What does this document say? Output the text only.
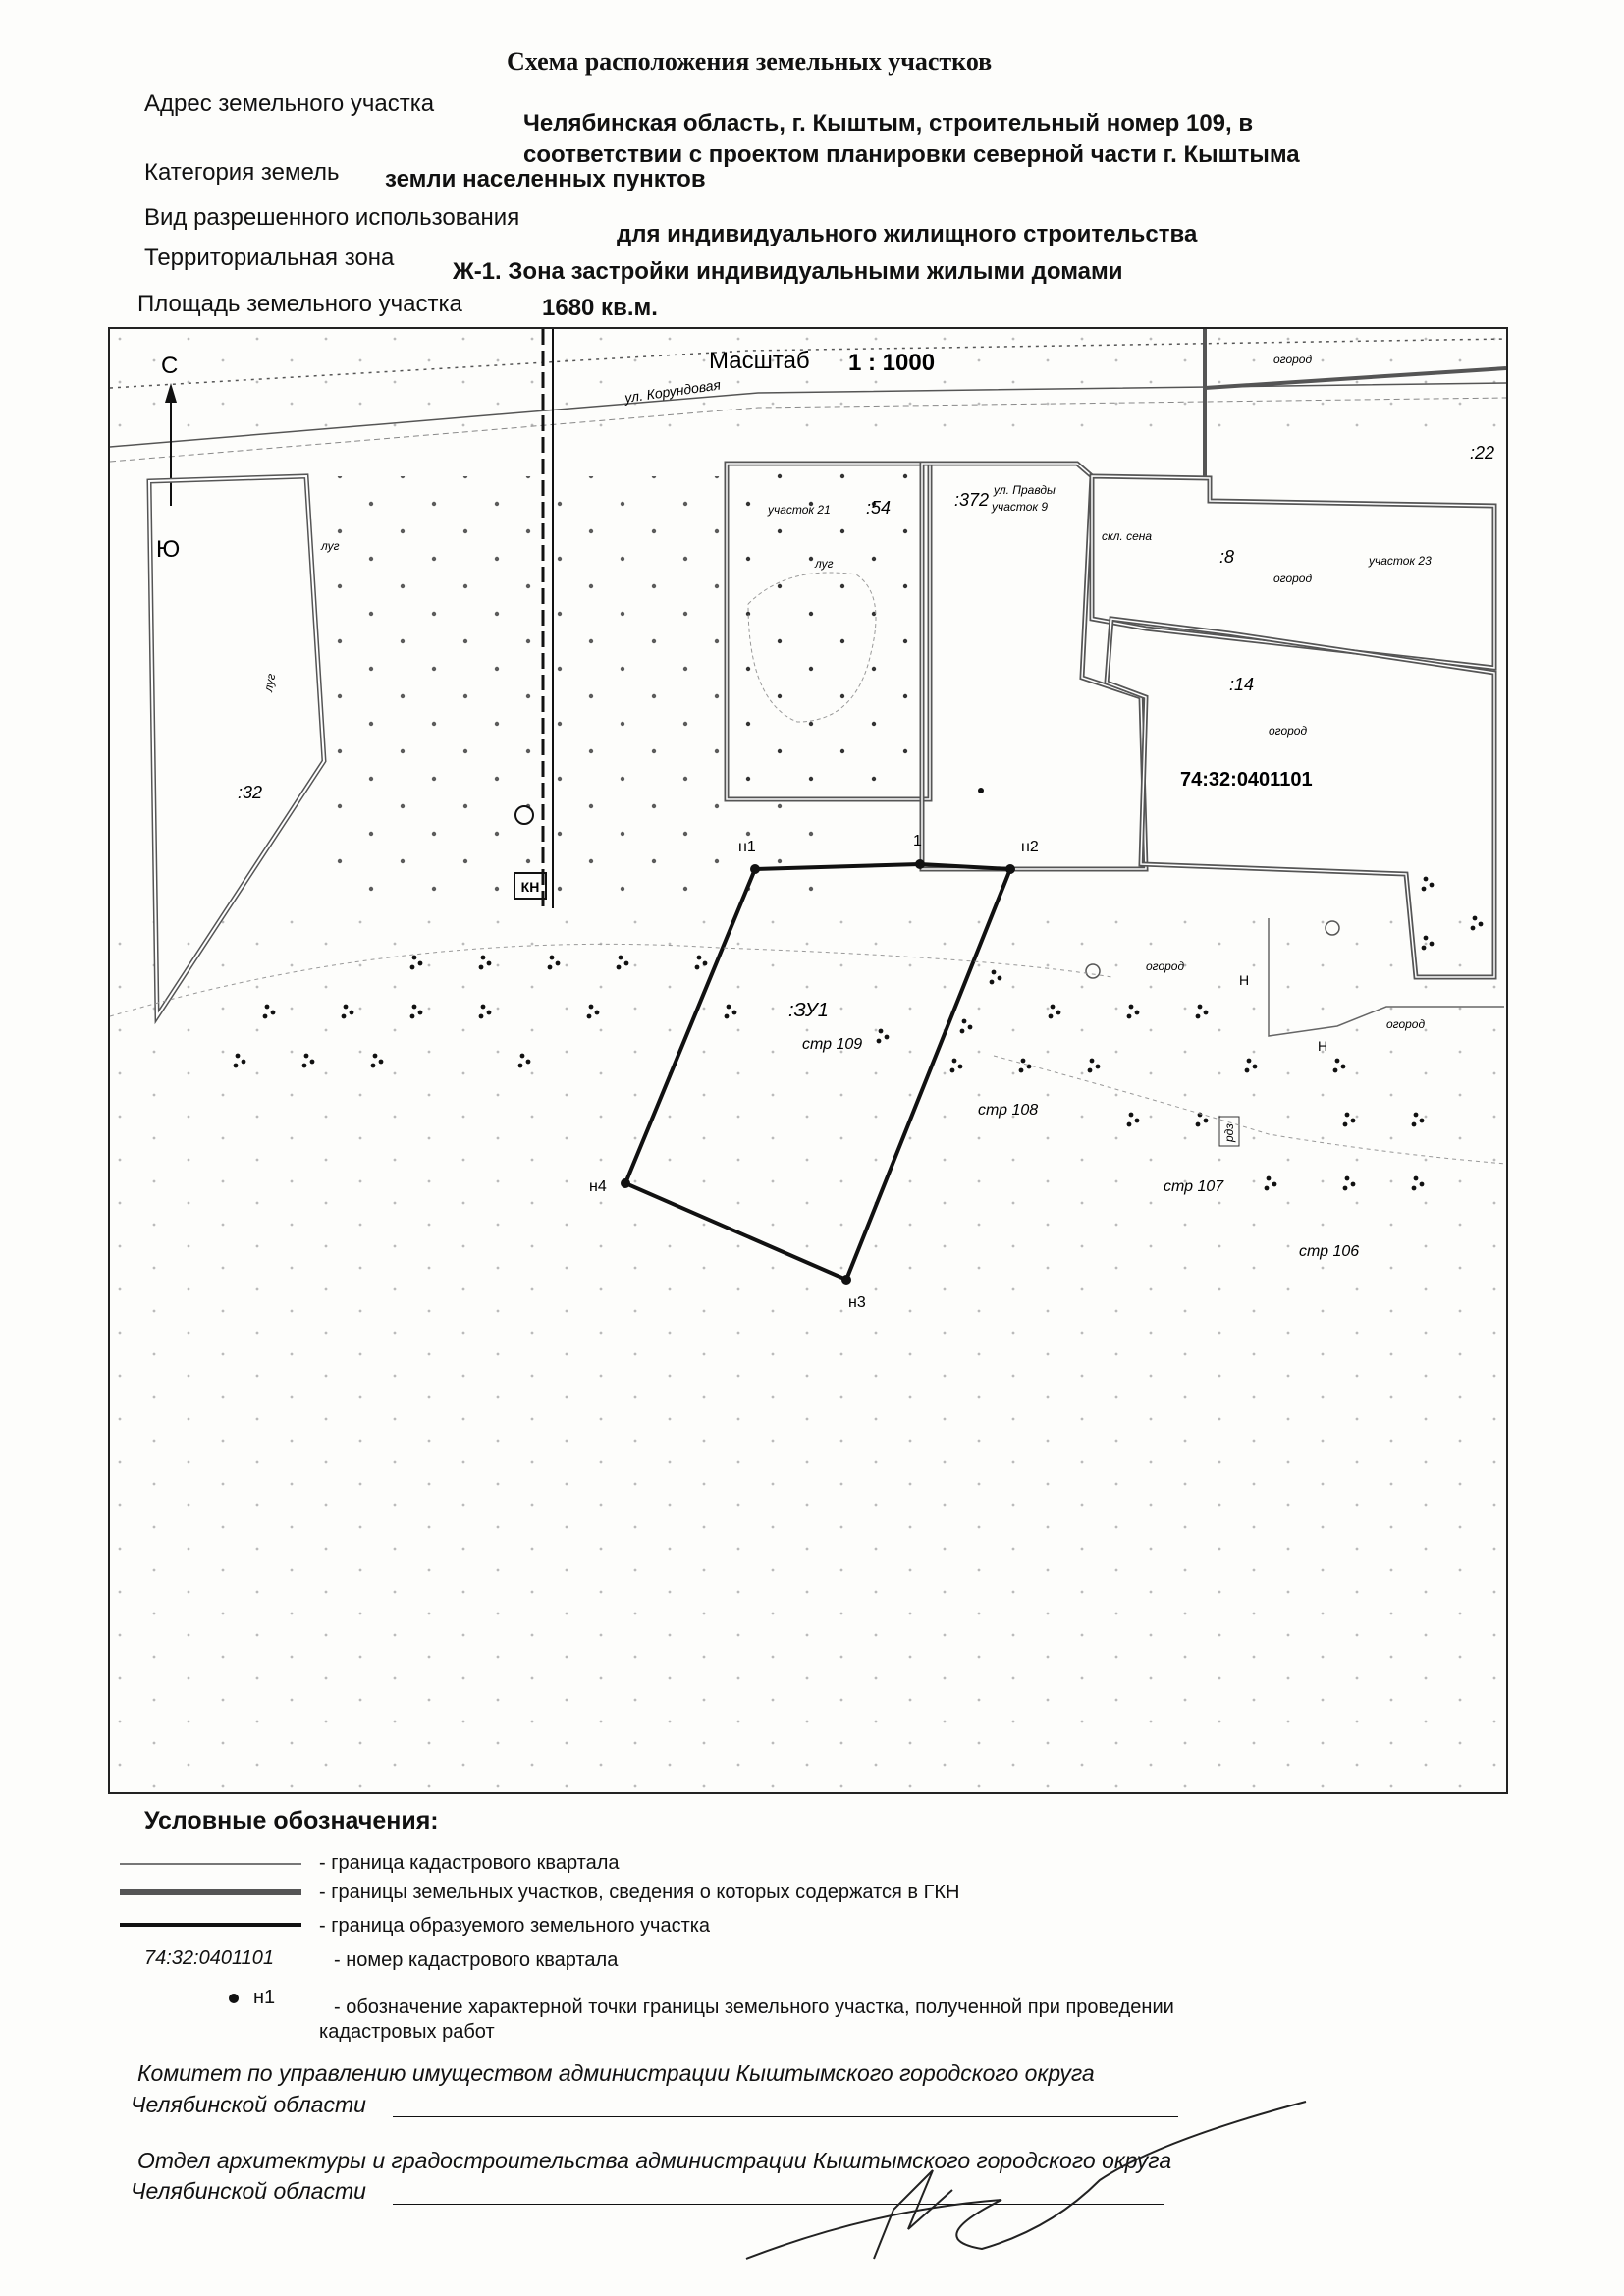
Схема расположения земельных участков
Адрес земельного участка
Челябинская область, г. Кыштым, строительный номер 109, в
соответствии с проектом планировки северной части г. Кыштыма
Категория земель земли населенных пунктов
Вид разрешенного использования
для индивидуального жилищного строительства
Территориальная зона
Ж-1. Зона застройки индивидуальными жилыми домами
Площадь земельного участка	1680 кв.м.
КН
Масштаб 1 : 1000
С
Ю
:32
луг
луг
участок 21 :54
луг
:372 ул. Правды
участок 9
:22
скл. сена
:8
огород
участок 23
:14
огород
74:32:0401101
огород
ул. Корундовая
н1	1	н2
н3
н4
:ЗУ1
стр 109
стр 108
стр 107
стр 106
огород
огород
Н
Н
рдз
Условные обозначения:
- граница кадастрового квартала
- границы земельных участков, сведения о которых содержатся в ГКН
- граница образуемого земельного участка
74:32:0401101	- номер кадастрового квартала
н1	- обозначение характерной точки границы земельного участка, полученной при проведении
кадастровых работ
Комитет по управлению имуществом администрации Кыштымского городского округа
Челябинской области
Отдел архитектуры и градостроительства администрации Кыштымского городского округа
Челябинской области
